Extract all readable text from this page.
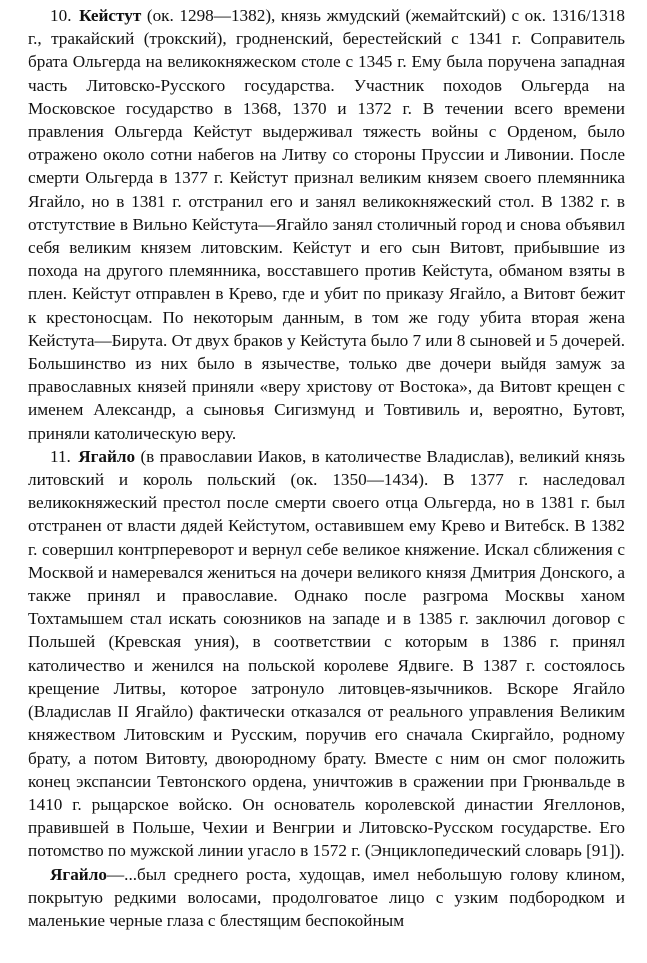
10. Кейстут (ок. 1298—1382), князь жмудский (жемайтский) с ок. 1316/1318 г., тракайский (трокский), гродненский, берестейский с 1341 г. Соправитель брата Ольгерда на великокняжеском столе с 1345 г. Ему была поручена западная часть Литовско-Русского государства. Участник походов Ольгерда на Московское государство в 1368, 1370 и 1372 г. В течении всего времени правления Ольгерда Кейстут выдерживал тяжесть войны с Орденом, было отражено около сотни набегов на Литву со стороны Пруссии и Ливонии. После смерти Ольгерда в 1377 г. Кейстут признал великим князем своего племянника Ягайло, но в 1381 г. отстранил его и занял великокняжеский стол. В 1382 г. в отстутствие в Вильно Кейстута—Ягайло занял столичный город и снова объявил себя великим князем литовским. Кейстут и его сын Витовт, прибывшие из похода на другого племянника, восставшего против Кейстута, обманом взяты в плен. Кейстут отправлен в Крево, где и убит по приказу Ягайло, а Витовт бежит к крестоносцам. По некоторым данным, в том же году убита вторая жена Кейстута—Бирута. От двух браков у Кейстута было 7 или 8 сыновей и 5 дочерей. Большинство из них было в язычестве, только две дочери выйдя замуж за православных князей приняли «веру христову от Востока», да Витовт крещен с именем Александр, а сыновья Сигизмунд и Товтивиль и, вероятно, Бутовт, приняли католическую веру.

11. Ягайло (в православии Иаков, в католичестве Владислав), великий князь литовский и король польский (ок. 1350—1434). В 1377 г. наследовал великокняжеский престол после смерти своего отца Ольгерда, но в 1381 г. был отстранен от власти дядей Кейстутом, оставившем ему Крево и Витебск. В 1382 г. совершил контрпереворот и вернул себе великое княжение. Искал сближения с Москвой и намеревался жениться на дочери великого князя Дмитрия Донского, а также принял и православие. Однако после разгрома Москвы ханом Тохтамышем стал искать союзников на западе и в 1385 г. заключил договор с Польшей (Кревская уния), в соответствии с которым в 1386 г. принял католичество и женился на польской королеве Ядвиге. В 1387 г. состоялось крещение Литвы, которое затронуло литовцев-язычников. Вскоре Ягайло (Владислав II Ягайло) фактически отказался от реального управления Великим княжеством Литовским и Русским, поручив его сначала Скиргайло, родному брату, а потом Витовту, двоюродному брату. Вместе с ним он смог положить конец экспансии Тевтонского ордена, уничтожив в сражении при Грюнвальде в 1410 г. рыцарское войско. Он основатель королевской династии Ягеллонов, правившей в Польше, Чехии и Венгрии и Литовско-Русском государстве. Его потомство по мужской линии угасло в 1572 г. (Энциклопедический словарь [91]).

Ягайло—...был среднего роста, худощав, имел небольшую голову клином, покрытую редкими волосами, продолговатое лицо с узким подбородком и маленькие черные глаза с блестящим беспокойным
